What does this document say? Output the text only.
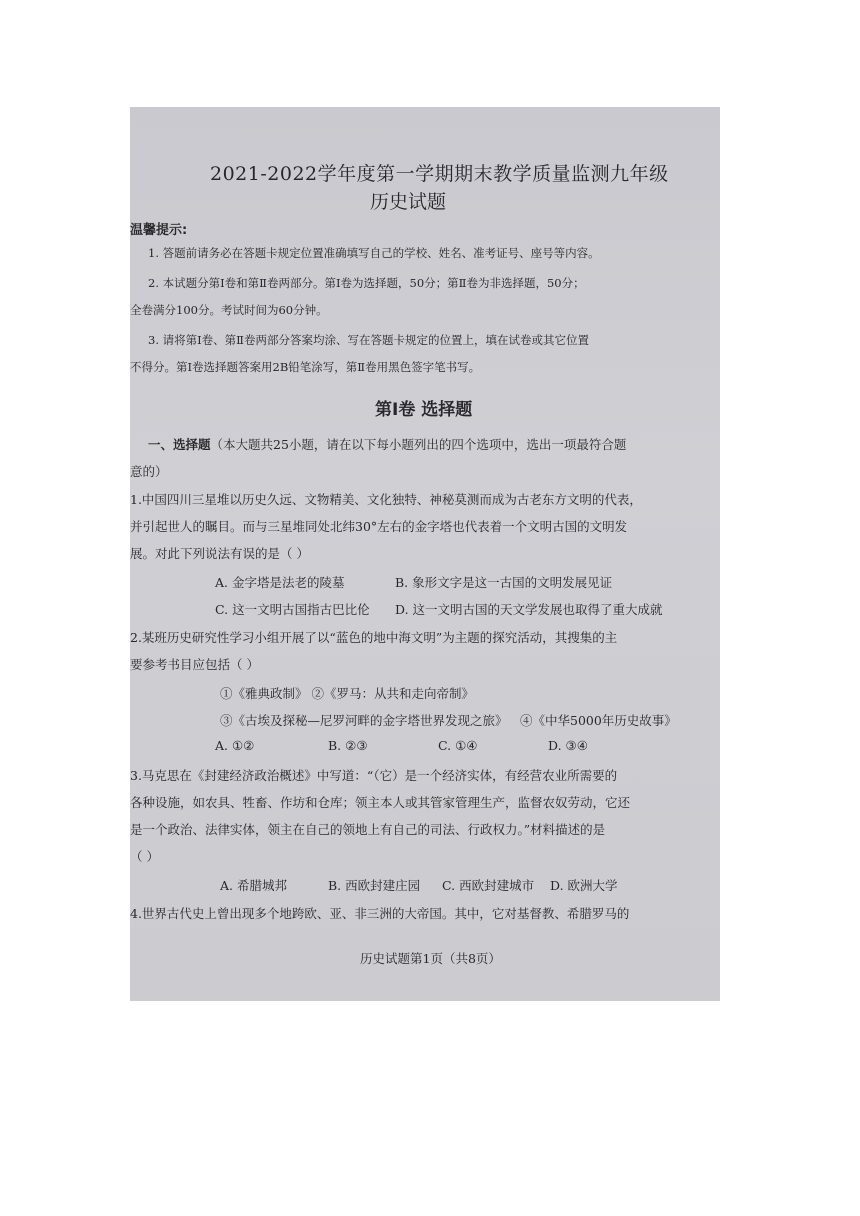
2021-2022学年度第一学期期末教学质量监测九年级
历史试题
温馨提示:
1. 答题前请务必在答题卡规定位置准确填写自己的学校、姓名、准考证号、座号等内容。
2. 本试题分第Ⅰ卷和第Ⅱ卷两部分。第Ⅰ卷为选择题，50分；第Ⅱ卷为非选择题，50分；
全卷满分100分。考试时间为60分钟。
3. 请将第Ⅰ卷、第Ⅱ卷两部分答案均涂、写在答题卡规定的位置上，填在试卷或其它位置
不得分。第Ⅰ卷选择题答案用2B铅笔涂写，第Ⅱ卷用黑色签字笔书写。
第Ⅰ卷 选择题
一、选择题（本大题共25小题，请在以下每小题列出的四个选项中，选出一项最符合题
意的）
1.中国四川三星堆以历史久远、文物精美、文化独特、神秘莫测而成为古老东方文明的代表，
并引起世人的瞩目。而与三星堆同处北纬30°左右的金字塔也代表着一个文明古国的文明发
展。对此下列说法有误的是（ ）
A. 金字塔是法老的陵墓	B. 象形文字是这一古国的文明发展见证
C. 这一文明古国指古巴比伦 D. 这一文明古国的天文学发展也取得了重大成就
2.某班历史研究性学习小组开展了以“蓝色的地中海文明”为主题的探究活动，其搜集的主
要参考书目应包括（ ）
①《雅典政制》 ②《罗马：从共和走向帝制》
③《古埃及探秘—尼罗河畔的金字塔世界发现之旅》 ④《中华5000年历史故事》
A. ①②	B. ②③	C. ①④	D. ③④
3.马克思在《封建经济政治概述》中写道：“（它）是一个经济实体，有经营农业所需要的
各种设施，如农具、牲畜、作坊和仓库；领主本人或其管家管理生产，监督农奴劳动，它还
是一个政治、法律实体，领主在自己的领地上有自己的司法、行政权力。”材料描述的是
（ ）
A. 希腊城邦	B. 西欧封建庄园 C. 西欧封建城市 D. 欧洲大学
4.世界古代史上曾出现多个地跨欧、亚、非三洲的大帝国。其中，它对基督教、希腊罗马的
历史试题第1页（共8页）
